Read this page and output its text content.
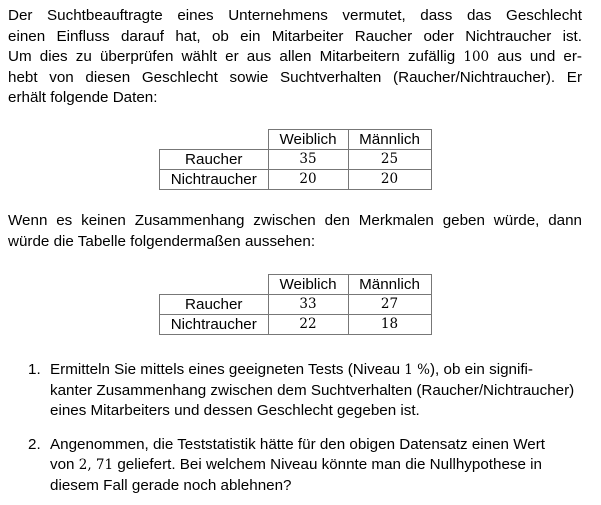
Der Suchtbeauftragte eines Unternehmens vermutet, dass das Geschlecht
einen Einfluss darauf hat, ob ein Mitarbeiter Raucher oder Nichtraucher ist.
Um dies zu überprüfen wählt er aus allen Mitarbeitern zufällig 100 aus und er-
hebt von diesen Geschlecht sowie Suchtverhalten (Raucher/Nichtraucher). Er
erhält folgende Daten:

	Weiblich	Männlich
Raucher	35	25
Nichtraucher	20	20

Wenn es keinen Zusammenhang zwischen den Merkmalen geben würde, dann
würde die Tabelle folgendermaßen aussehen:

	Weiblich	Männlich
Raucher	33	27
Nichtraucher	22	18
1. Ermitteln Sie mittels eines geeigneten Tests (Niveau 1 %), ob ein signifi-
kanter Zusammenhang zwischen dem Suchtverhalten (Raucher/Nichtraucher)
eines Mitarbeiters und dessen Geschlecht gegeben ist.
2. Angenommen, die Teststatistik hätte für den obigen Datensatz einen Wert
von 2, 71 geliefert. Bei welchem Niveau könnte man die Nullhypothese in
diesem Fall gerade noch ablehnen?
